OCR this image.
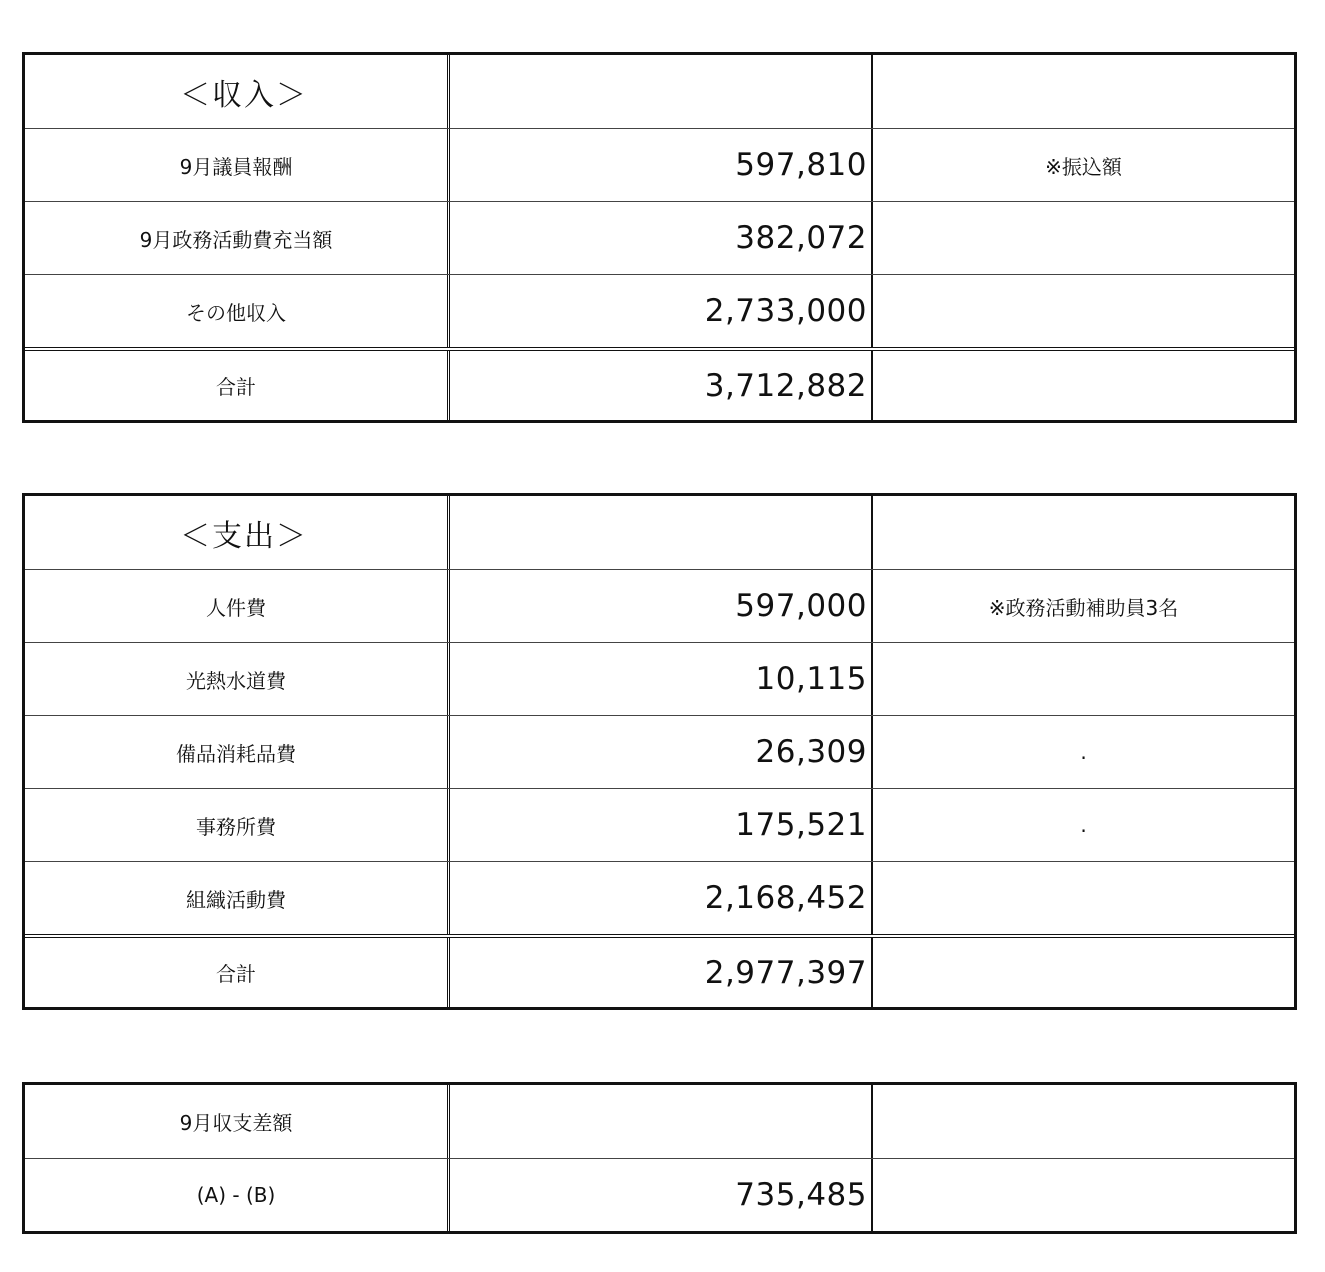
＜収入＞
9月議員報酬	597,810	※振込額
9月政務活動費充当額	382,072
その他収入	2,733,000
合計	3,712,882
＜支出＞
人件費	597,000	※政務活動補助員3名
光熱水道費	10,115
備品消耗品費	26,309	.
事務所費	175,521	.
組織活動費	2,168,452
合計	2,977,397
9月収支差額
(A) - (B)	735,485
